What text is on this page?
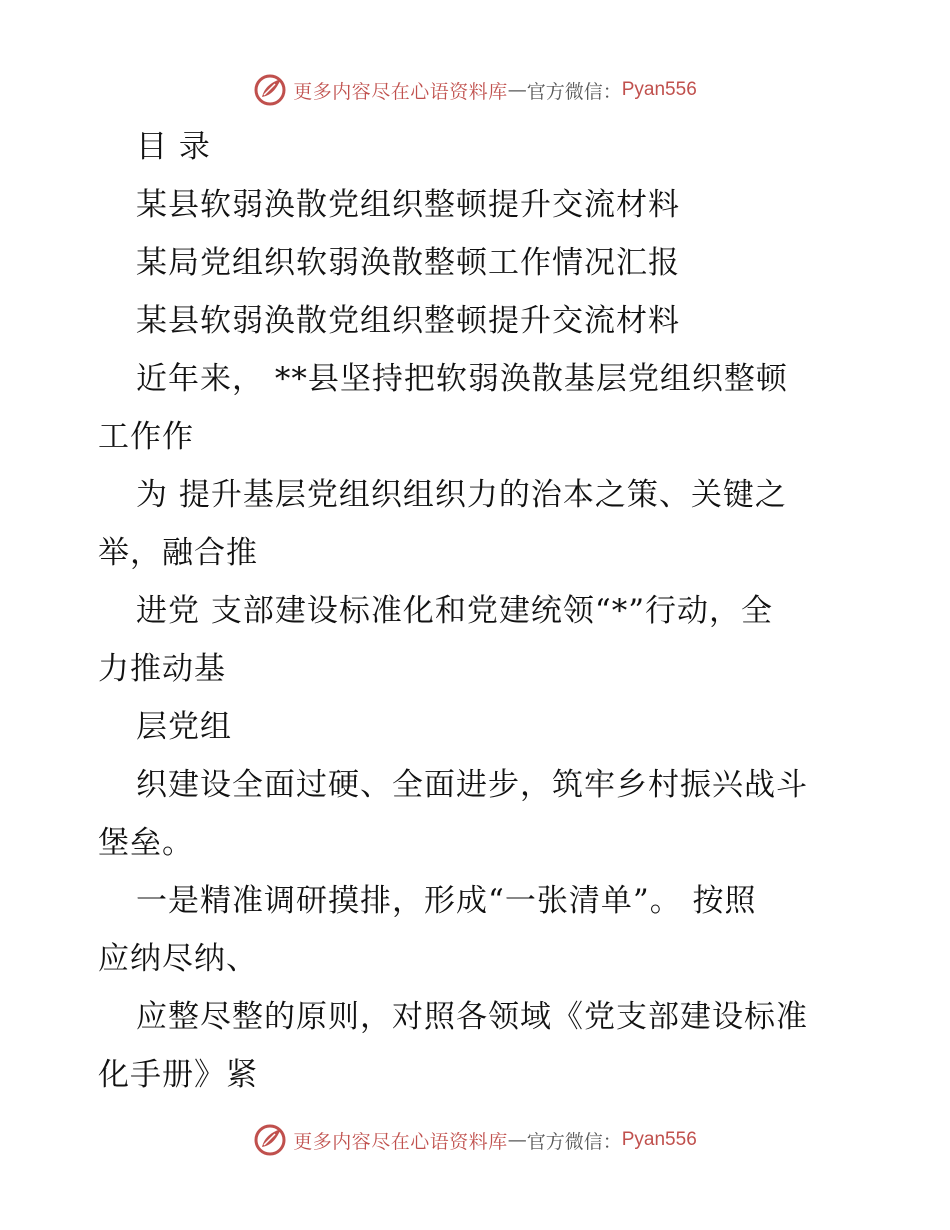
更多内容尽在心语资料库 — 官方微信： Pyan556
目 录
某县软弱涣散党组织整顿提升交流材料
某局党组织软弱涣散整顿工作情况汇报
某县软弱涣散党组织整顿提升交流材料
近年来， **县坚持把软弱涣散基层党组织整顿
工作作
为 提升基层党组织组织力的治本之策、关键之
举，融合推
进党 支部建设标准化和党建统领“*”行动，全
力推动基
层党组
织建设全面过硬、全面进步，筑牢乡村振兴战斗
堡垒。
一是精准调研摸排，形成“一张清单”。 按照
应纳尽纳、
应整尽整的原则，对照各领域《党支部建设标准
化手册》紧
更多内容尽在心语资料库 — 官方微信： Pyan556
